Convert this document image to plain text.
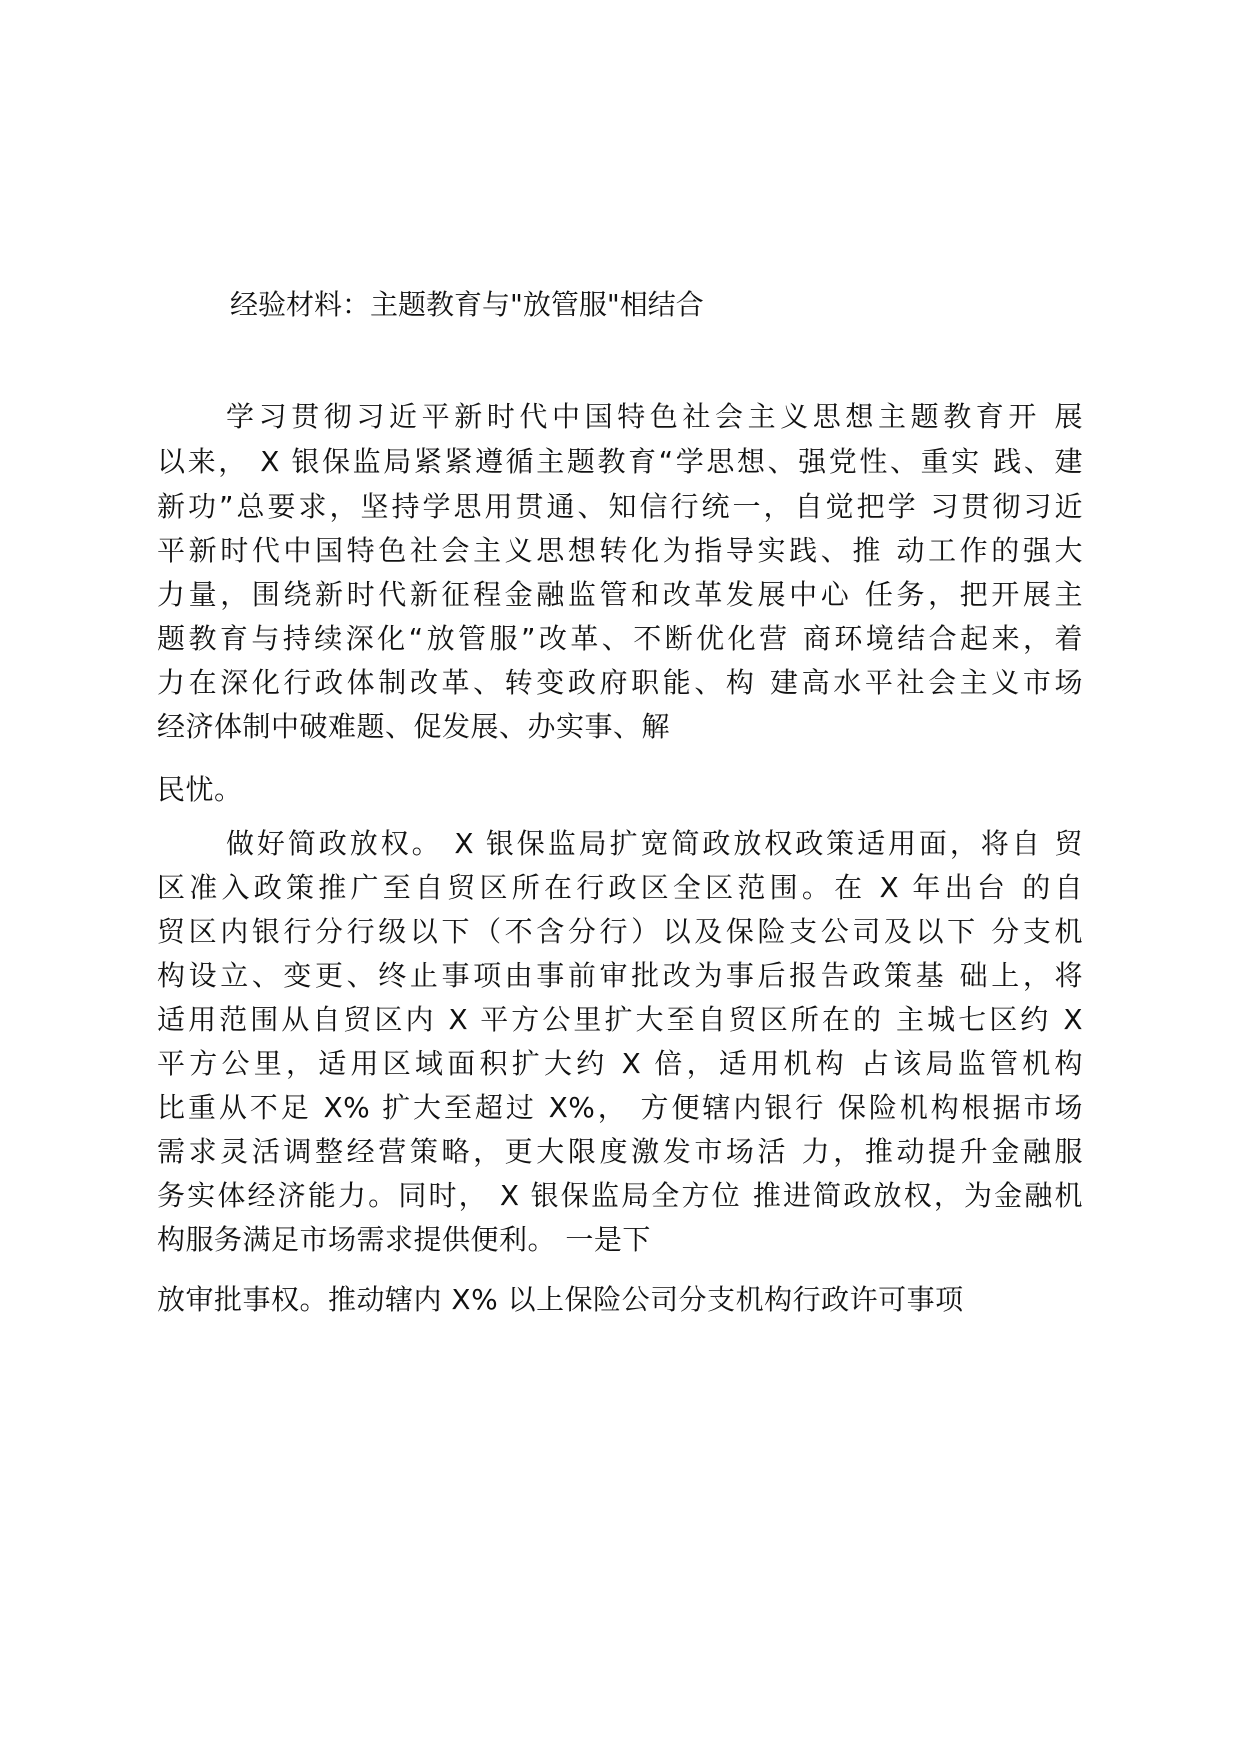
经验材料：主题教育与"放管服"相结合
学习贯彻习近平新时代中国特色社会主义思想主题教育开 展
以来， X 银保监局紧紧遵循主题教育“学思想、强党性、重实 践、建
新功”总要求，坚持学思用贯通、知信行统一，自觉把学 习贯彻习近
平新时代中国特色社会主义思想转化为指导实践、推 动工作的强大
力量，围绕新时代新征程金融监管和改革发展中心 任务，把开展主
题教育与持续深化“放管服”改革、不断优化营 商环境结合起来，着
力在深化行政体制改革、转变政府职能、构 建高水平社会主义市场
经济体制中破难题、促发展、办实事、解
民忧。
做好简政放权。 X 银保监局扩宽简政放权政策适用面，将自 贸
区准入政策推广至自贸区所在行政区全区范围。在 X 年出台 的自
贸区内银行分行级以下（不含分行）以及保险支公司及以下 分支机
构设立、变更、终止事项由事前审批改为事后报告政策基 础上，将
适用范围从自贸区内 X 平方公里扩大至自贸区所在的 主城七区约 X
平方公里，适用区域面积扩大约 X 倍，适用机构 占该局监管机构
比重从不足 X% 扩大至超过 X%， 方便辖内银行 保险机构根据市场
需求灵活调整经营策略，更大限度激发市场活 力，推动提升金融服
务实体经济能力。同时， X 银保监局全方位 推进简政放权，为金融机
构服务满足市场需求提供便利。 一是下
放审批事权。推动辖内 X% 以上保险公司分支机构行政许可事项
